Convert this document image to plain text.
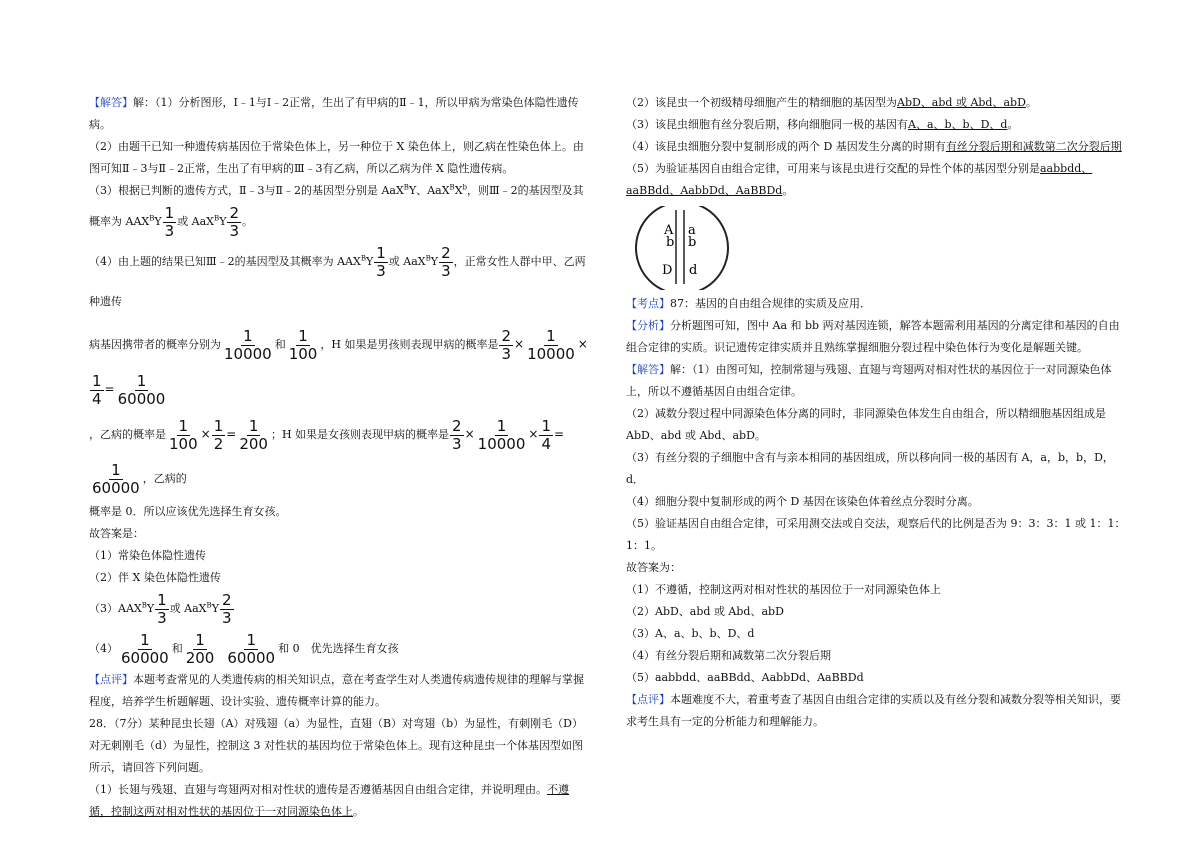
【解答】解：（1）分析图形，Ⅰ﹣1与Ⅰ﹣2正常，生出了有甲病的Ⅱ﹣1，所以甲病为常染色体隐性遗传病。

（2）由题干已知一种遗传病基因位于常染色体上，另一种位于 X 染色体上，则乙病在性染色体上。由图可知Ⅱ﹣3与Ⅱ﹣2正常，生出了有甲病的Ⅲ﹣3有乙病，所以乙病为伴 X 隐性遗传病。

（3）根据已判断的遗传方式，Ⅱ﹣3与Ⅱ﹣2的基因型分别是 AaX$^B$Y、$AaX^BX^b$，则Ⅲ﹣2的基因型及其

概率为 $AAX^BY \frac{1}{3}$ 或 $AaX^BY \frac{2}{3}$ 。

（4）由上题的结果已知Ⅲ﹣2的基因型及其概率为 $AAX^BY \frac{1}{3}$ 或 $AaX^BY \frac{2}{3}$ ，正常女性人群中甲、乙两种遗传

病基因携带者的概率分别为 $\frac{1}{10000}$ 和 $\frac{1}{100}$ ，H 如果是男孩则表现甲病的概率是 $\frac{2}{3} \times \frac{1}{10000}$ ×
$\frac{1}{4} = \frac{1}{60000}$

，乙病的概率是 $\frac{1}{100} \times \frac{1}{2} = \frac{1}{200}$ ；H 如果是女孩则表现甲病的概率是 $\frac{2}{3} \times \frac{1}{10000} \times \frac{1}{4}$ =
$\frac{1}{60000}$ ，乙病的

概率是 0．所以应该优先选择生育女孩。

故答案是：

（1）常染色体隐性遗传

（2）伴 X 染色体隐性遗传

$(3)AAX^BY \frac{1}{3}$ 或 $AaX^BY \frac{2}{3}$

$(4) \frac{1}{60000}$ 和 $\frac{1}{200}$
$\frac{1}{60000}$ 和 0　优先选择生育女孩

【点评】本题考查常见的人类遗传病的相关知识点，意在考查学生对人类遗传病遗传规律的理解与掌握程度，培养学生析题解题、设计实验、遗传概率计算的能力。

28．（7分）某种昆虫长翅（A）对残翅（a）为显性，直翅（B）对弯翅（b）为显性，有刺刚毛（D）对无刺刚毛（d）为显性，控制这 3 对性状的基因均位于常染色体上。现有这种昆虫一个体基因型如图所示，请回答下列问题。

（1）长翅与残翅、直翅与弯翅两对相对性状的遗传是否遵循基因自由组合定律，并说明理由。不遵循，控制这两对相对性状的基因位于一对同源染色体上。

（2）该昆虫一个初级精母细胞产生的精细胞的基因型为AbD、abd 或 Abd、abD。

（3）该昆虫细胞有丝分裂后期，移向细胞同一极的基因有A、a、b、b、D、d。

（4）该昆虫细胞分裂中复制形成的两个 D 基因发生分离的时期有有丝分裂后期和减数第二次分裂后期

（5）为验证基因自由组合定律，可用来与该昆虫进行交配的异性个体的基因型分别是aabbdd、aaBBdd、AabbDd、AaBBDd。

A a
b b
D d

【考点】87：基因的自由组合规律的实质及应用．

【分析】分析题图可知，图中 Aa 和 bb 两对基因连锁，解答本题需利用基因的分离定律和基因的自由组合定律的实质。识记遗传定律实质并且熟练掌握细胞分裂过程中染色体行为变化是解题关键。

【解答】解：（1）由图可知，控制常翅与残翅、直翅与弯翅两对相对性状的基因位于一对同源染色体上，所以不遵循基因自由组合定律。

（2）减数分裂过程中同源染色体分离的同时，非同源染色体发生自由组合，所以精细胞基因组成是 AbD、abd 或 Abd、abD。

（3）有丝分裂的子细胞中含有与亲本相同的基因组成，所以移向同一极的基因有 A，a，b，b，D，d．

（4）细胞分裂中复制形成的两个 D 基因在该染色体着丝点分裂时分离。

（5）验证基因自由组合定律，可采用测交法或自交法，观察后代的比例是否为 9：3：3：1 或 1：1：1：1。

故答案为：

（1）不遵循，控制这两对相对性状的基因位于一对同源染色体上

（2）AbD、abd 或 Abd、abD

（3）A、a、b、b、D、d

（4）有丝分裂后期和减数第二次分裂后期

（5）aabbdd、aaBBdd、AabbDd、AaBBDd

【点评】本题难度不大，着重考查了基因自由组合定律的实质以及有丝分裂和减数分裂等相关知识，要求考生具有一定的分析能力和理解能力。
